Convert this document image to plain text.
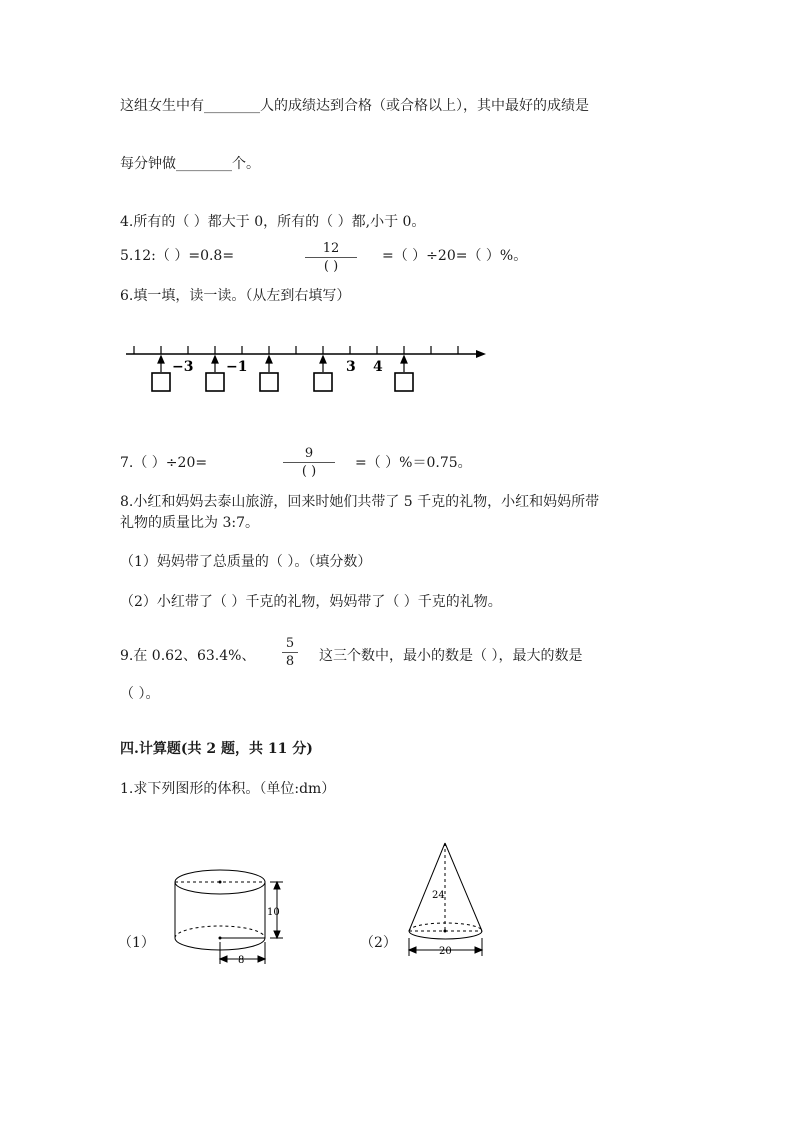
这组女生中有________人的成绩达到合格（或合格以上），其中最好的成绩是
每分钟做________个。
4.所有的（ ）都大于 0，所有的（ ）都,小于 0。
5.12:（ ）=0.8=	12
( )
=（ ）÷20=（ ）%。
6.填一填，读一读。（从左到右填写）
−3 −1	3 4
7.（ ）÷20=
9
( )
=（ ）%＝0.75。
8.小红和妈妈去泰山旅游，回来时她们共带了 5 千克的礼物，小红和妈妈所带
礼物的质量比为 3:7。
（1）妈妈带了总质量的（ ）。（填分数）
（2）小红带了（ ）千克的礼物，妈妈带了（ ）千克的礼物。
9.在 0.62、63.4%、
5
8 这三个数中，最小的数是（ ），最大的数是
（ ）。
四.计算题(共 2 题，共 11 分)
1.求下列图形的体积。（单位:dm）
（1）	（2）
10
8
24
20
